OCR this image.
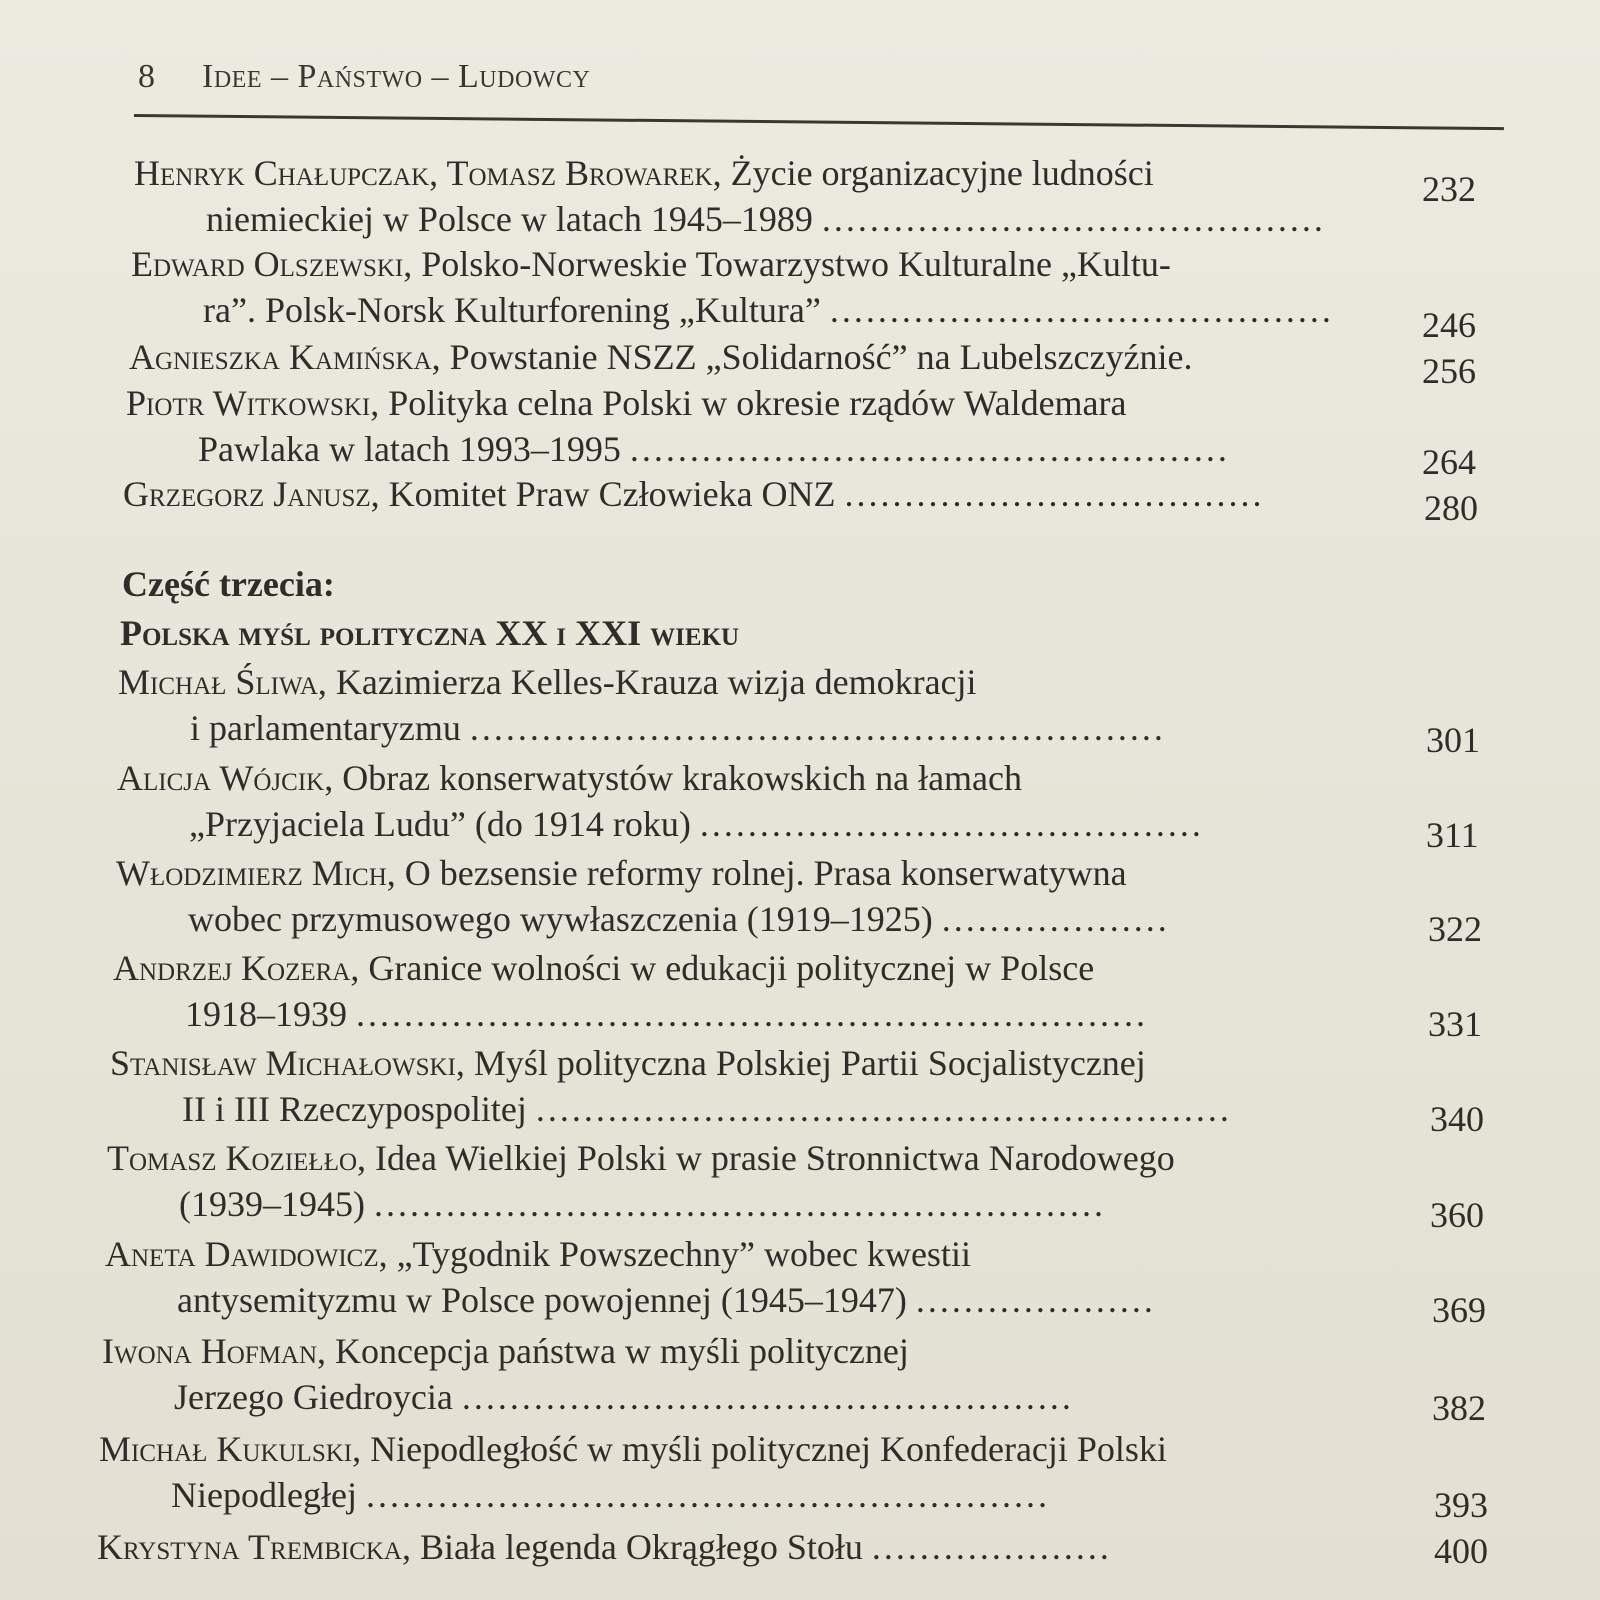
8 Idee – Państwo – Ludowcy
Henryk Chałupczak, Tomasz Browarek, Życie organizacyjne ludności
niemieckiej w Polsce w latach 1945–1989 ..........................................
232
Edward Olszewski, Polsko-Norweskie Towarzystwo Kulturalne „Kultu-
ra”. Polsk-Norsk Kulturforening „Kultura” .......................................... 246
Agnieszka Kamińska, Powstanie NSZZ „Solidarność” na Lubelszczyźnie.	256
Piotr Witkowski, Polityka celna Polski w okresie rządów Waldemara
Pawlaka w latach 1993–1995 ..................................................	264
Grzegorz Janusz, Komitet Praw Człowieka ONZ ...................................	280
Część trzecia:
Polska myśl polityczna XX i XXI wieku
Michał Śliwa, Kazimierza Kelles-Krauza wizja demokracji
i parlamentaryzmu ..........................................................	301
Alicja Wójcik, Obraz konserwatystów krakowskich na łamach
„Przyjaciela Ludu” (do 1914 roku) ..........................................	311
Włodzimierz Mich, O bezsensie reformy rolnej. Prasa konserwatywna
wobec przymusowego wywłaszczenia (1919–1925) ...................	322
Andrzej Kozera, Granice wolności w edukacji politycznej w Polsce
1918–1939 ..................................................................	331
Stanisław Michałowski, Myśl polityczna Polskiej Partii Socjalistycznej
II i III Rzeczypospolitej ..........................................................	340
Tomasz Koziełło, Idea Wielkiej Polski w prasie Stronnictwa Narodowego
(1939–1945) .............................................................	360
Aneta Dawidowicz, „Tygodnik Powszechny” wobec kwestii
antysemityzmu w Polsce powojennej (1945–1947) ....................	369
Iwona Hofman, Koncepcja państwa w myśli politycznej
Jerzego Giedroycia ...................................................	382
Michał Kukulski, Niepodległość w myśli politycznej Konfederacji Polski
Niepodległej .........................................................	393
Krystyna Trembicka, Biała legenda Okrągłego Stołu ....................	400
